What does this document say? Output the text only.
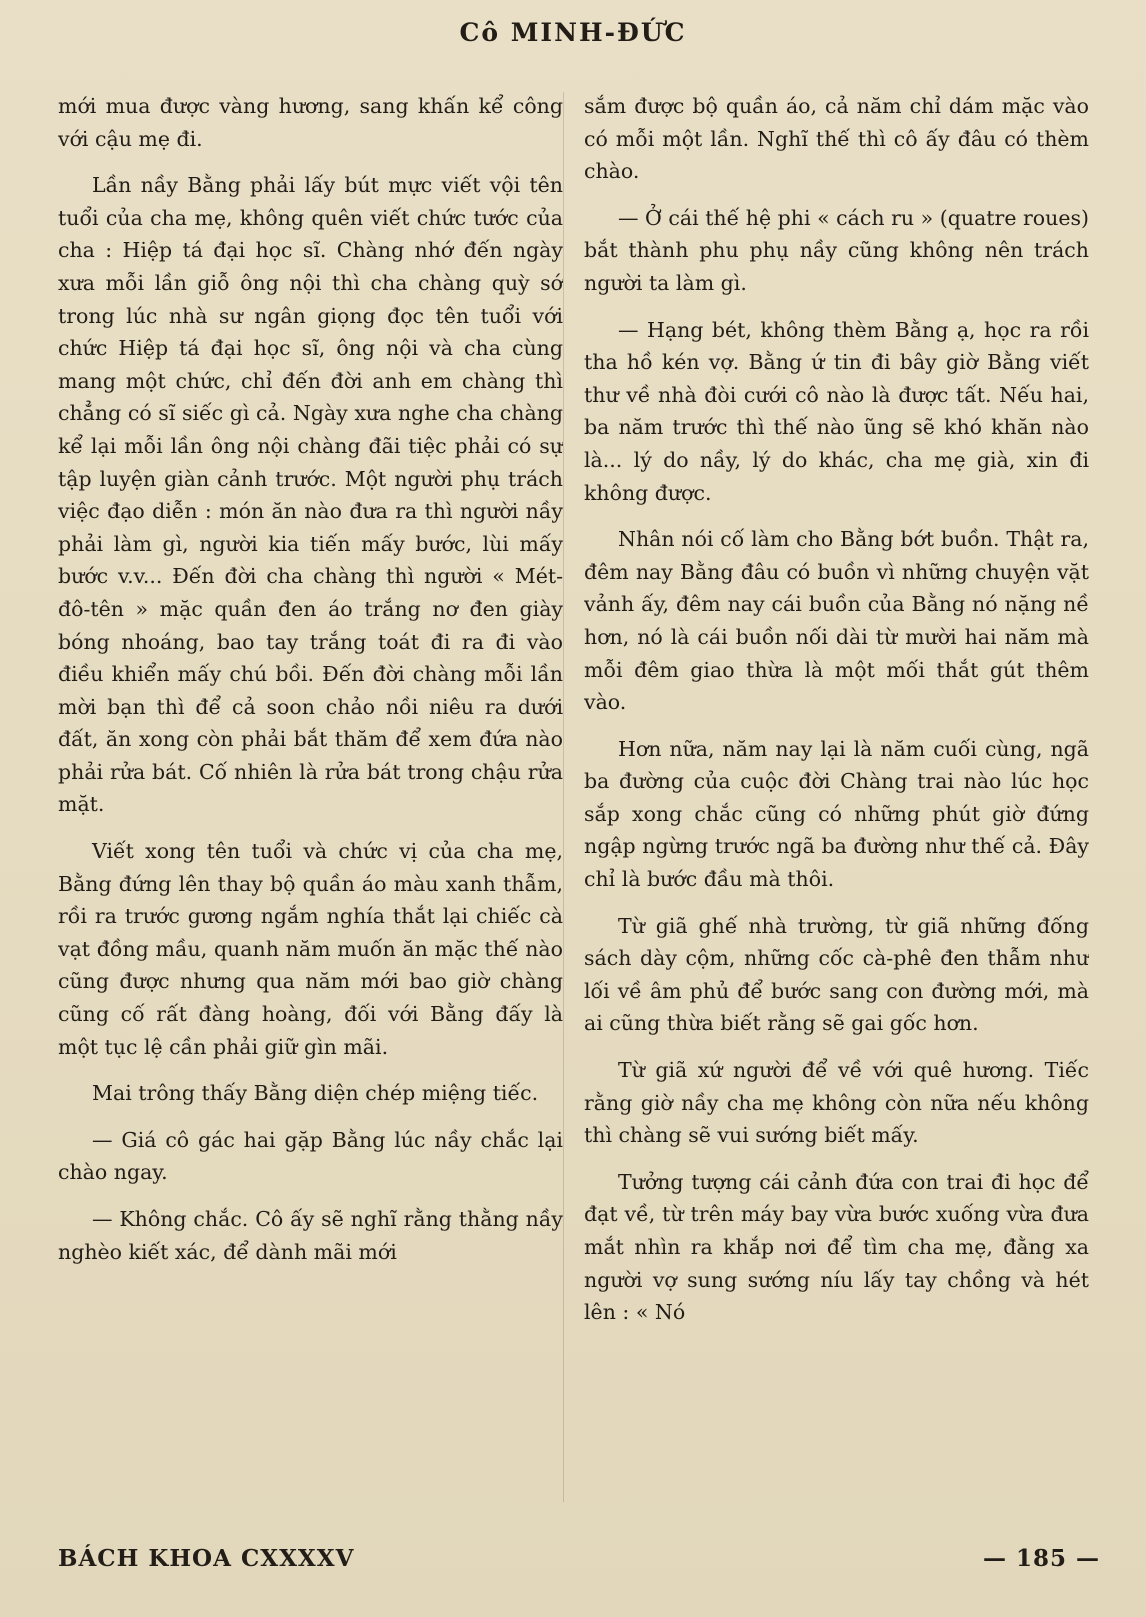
Cô MINH-ĐỨC

mới mua được vàng hương, sang khấn kể công với cậu mẹ đi.

Lần nầy Bằng phải lấy bút mực viết vội tên tuổi của cha mẹ, không quên viết chức tước của cha : Hiệp tá đại học sĩ. Chàng nhớ đến ngày xưa mỗi lần giỗ ông nội thì cha chàng quỳ sớ trong lúc nhà sư ngân giọng đọc tên tuổi với chức Hiệp tá đại học sĩ, ông nội và cha cùng mang một chức, chỉ đến đời anh em chàng thì chẳng có sĩ siếc gì cả. Ngày xưa nghe cha chàng kể lại mỗi lần ông nội chàng đãi tiệc phải có sự tập luyện giàn cảnh trước. Một người phụ trách việc đạo diễn : món ăn nào đưa ra thì người nầy phải làm gì, người kia tiến mấy bước, lùi mấy bước v.v... Đến đời cha chàng thì người « Mét-đô-tên » mặc quần đen áo trắng nơ đen giày bóng nhoáng, bao tay trắng toát đi ra đi vào điều khiển mấy chú bồi. Đến đời chàng mỗi lần mời bạn thì để cả soon chảo nồi niêu ra dưới đất, ăn xong còn phải bắt thăm để xem đứa nào phải rửa bát. Cố nhiên là rửa bát trong chậu rửa mặt.

Viết xong tên tuổi và chức vị của cha mẹ, Bằng đứng lên thay bộ quần áo màu xanh thẫm, rồi ra trước gương ngắm nghía thắt lại chiếc cà vạt đồng mầu, quanh năm muốn ăn mặc thế nào cũng được nhưng qua năm mới bao giờ chàng cũng cố rất đàng hoàng, đối với Bằng đấy là một tục lệ cần phải giữ gìn mãi.

Mai trông thấy Bằng diện chép miệng tiếc.

— Giá cô gác hai gặp Bằng lúc nầy chắc lại chào ngay.

— Không chắc. Cô ấy sẽ nghĩ rằng thằng nầy nghèo kiết xác, để dành mãi mới

sắm được bộ quần áo, cả năm chỉ dám mặc vào có mỗi một lần. Nghĩ thế thì cô ấy đâu có thèm chào.

— Ở cái thế hệ phi « cách ru » (quatre roues) bắt thành phu phụ nầy cũng không nên trách người ta làm gì.

— Hạng bét, không thèm Bằng ạ, học ra rồi tha hồ kén vợ. Bằng ứ tin đi bây giờ Bằng viết thư về nhà đòi cưới cô nào là được tất. Nếu hai, ba năm trước thì thế nào ũng sẽ khó khăn nào là... lý do nầy, lý do khác, cha mẹ già, xin đi không được.

Nhân nói cố làm cho Bằng bớt buồn. Thật ra, đêm nay Bằng đâu có buồn vì những chuyện vặt vảnh ấy, đêm nay cái buồn của Bằng nó nặng nề hơn, nó là cái buồn nối dài từ mười hai năm mà mỗi đêm giao thừa là một mối thắt gút thêm vào.

Hơn nữa, năm nay lại là năm cuối cùng, ngã ba đường của cuộc đời Chàng trai nào lúc học sắp xong chắc cũng có những phút giờ đứng ngập ngừng trước ngã ba đường như thế cả. Đây chỉ là bước đầu mà thôi.

Từ giã ghế nhà trường, từ giã những đống sách dày cộm, những cốc cà-phê đen thẫm như lối về âm phủ để bước sang con đường mới, mà ai cũng thừa biết rằng sẽ gai gốc hơn.

Từ giã xứ người để về với quê hương. Tiếc rằng giờ nầy cha mẹ không còn nữa nếu không thì chàng sẽ vui sướng biết mấy.

Tưởng tượng cái cảnh đứa con trai đi học để đạt về, từ trên máy bay vừa bước xuống vừa đưa mắt nhìn ra khắp nơi để tìm cha mẹ, đằng xa người vợ sung sướng níu lấy tay chồng và hét lên : « Nó

BÁCH KHOA CXXXXV	— 185 —
